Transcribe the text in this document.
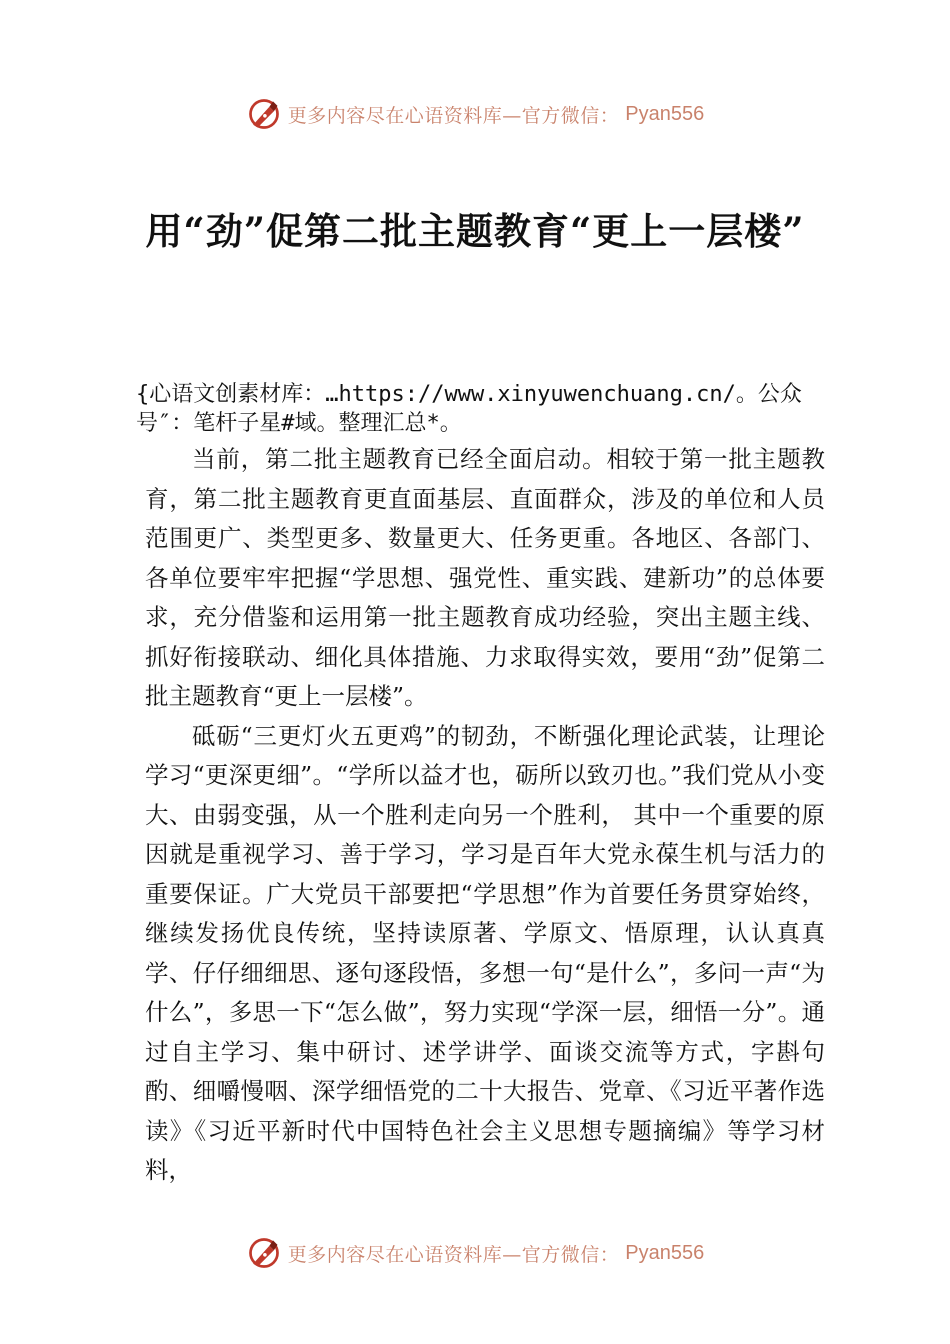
更多内容尽在心语资料库—官方微信： Pyan556
用“劲”促第二批主题教育“更上一层楼”

{心语文创素材库：…https://www.xinyuwenchuang.cn/。公众号″：笔杆子星#域。整理汇总*。

当前，第二批主题教育已经全面启动。相较于第一批主题教育，第二批主题教育更直面基层、直面群众，涉及的单位和人员范围更广、类型更多、数量更大、任务更重。各地区、各部门、各单位要牢牢把握“学思想、强党性、重实践、建新功”的总体要求，充分借鉴和运用第一批主题教育成功经验，突出主题主线、抓好衔接联动、细化具体措施、力求取得实效，要用“劲”促第二批主题教育“更上一层楼”。

砥砺“三更灯火五更鸡”的韧劲，不断强化理论武装，让理论学习“更深更细”。“学所以益才也，砺所以致刃也。”我们党从小变大、由弱变强，从一个胜利走向另一个胜利， 其中一个重要的原因就是重视学习、善于学习，学习是百年大党永葆生机与活力的重要保证。广大党员干部要把“学思想”作为首要任务贯穿始终，继续发扬优良传统，坚持读原著、学原文、悟原理，认认真真学、仔仔细细思、逐句逐段悟，多想一句“是什么”，多问一声“为什么”，多思一下“怎么做”，努力实现“学深一层，细悟一分”。通过自主学习、集中研讨、述学讲学、面谈交流等方式，字斟句酌、细嚼慢咽、深学细悟党的二十大报告、党章、《习近平著作选读》《习近平新时代中国特色社会主义思想专题摘编》等学习材料，

更多内容尽在心语资料库—官方微信： Pyan556
